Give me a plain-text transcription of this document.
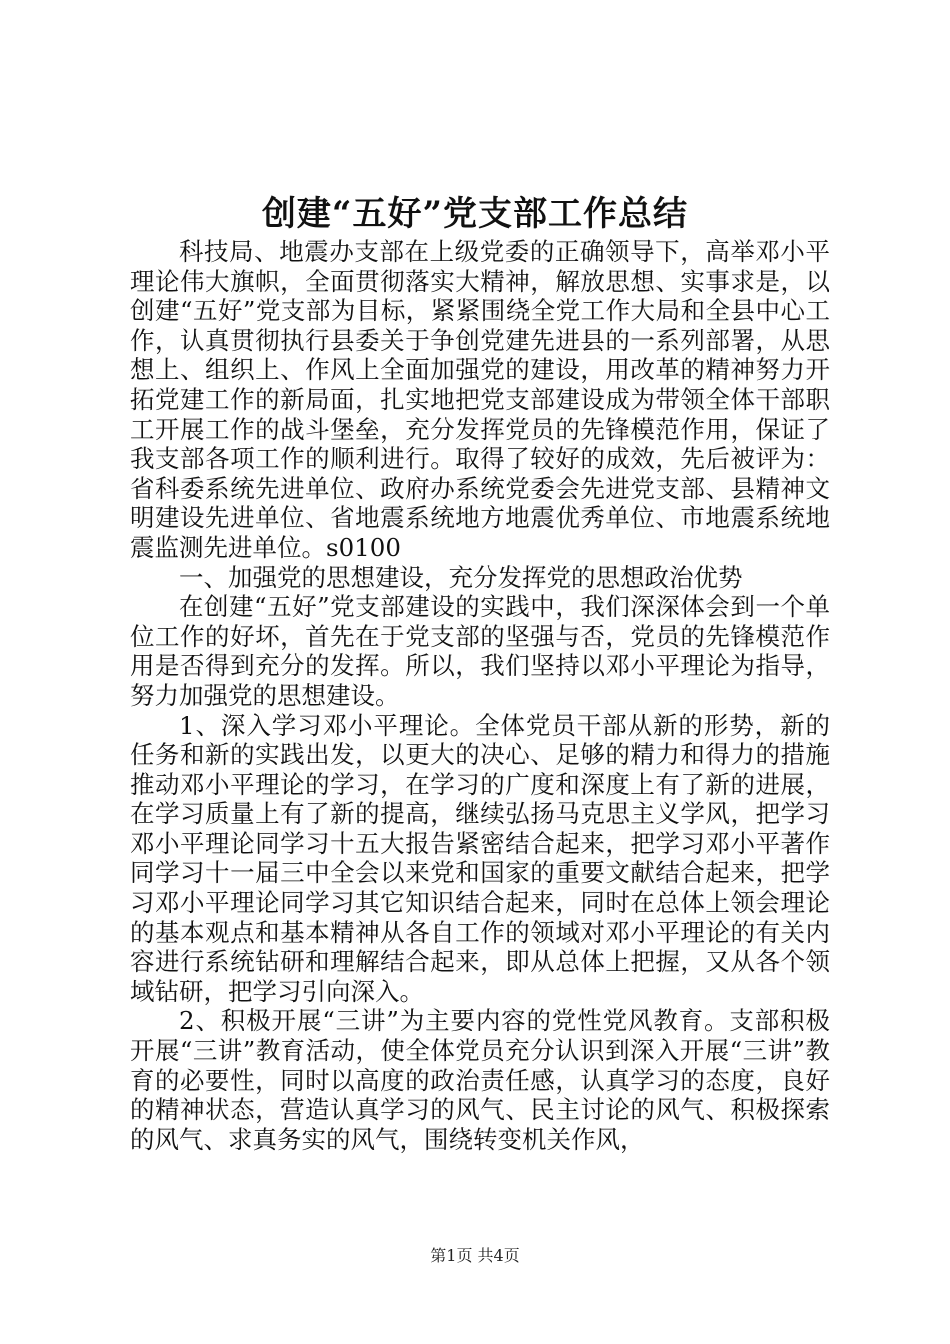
创建“五好”党支部工作总结

科技局、地震办支部在上级党委的正确领导下，高举邓小平理论伟大旗帜，全面贯彻落实大精神，解放思想、实事求是，以创建“五好”党支部为目标，紧紧围绕全党工作大局和全县中心工作，认真贯彻执行县委关于争创党建先进县的一系列部署，从思想上、组织上、作风上全面加强党的建设，用改革的精神努力开拓党建工作的新局面，扎实地把党支部建设成为带领全体干部职工开展工作的战斗堡垒，充分发挥党员的先锋模范作用，保证了我支部各项工作的顺利进行。取得了较好的成效，先后被评为：省科委系统先进单位、政府办系统党委会先进党支部、县精神文明建设先进单位、省地震系统地方地震优秀单位、市地震系统地震监测先进单位。s0100

一、加强党的思想建设，充分发挥党的思想政治优势

在创建“五好”党支部建设的实践中，我们深深体会到一个单位工作的好坏，首先在于党支部的坚强与否，党员的先锋模范作用是否得到充分的发挥。所以，我们坚持以邓小平理论为指导，努力加强党的思想建设。

1、深入学习邓小平理论。全体党员干部从新的形势，新的任务和新的实践出发，以更大的决心、足够的精力和得力的措施推动邓小平理论的学习，在学习的广度和深度上有了新的进展，在学习质量上有了新的提高，继续弘扬马克思主义学风，把学习邓小平理论同学习十五大报告紧密结合起来，把学习邓小平著作同学习十一届三中全会以来党和国家的重要文献结合起来，把学习邓小平理论同学习其它知识结合起来，同时在总体上领会理论的基本观点和基本精神从各自工作的领域对邓小平理论的有关内容进行系统钻研和理解结合起来，即从总体上把握，又从各个领域钻研，把学习引向深入。

2、积极开展“三讲”为主要内容的党性党风教育。支部积极开展“三讲”教育活动，使全体党员充分认识到深入开展“三讲”教育的必要性，同时以高度的政治责任感，认真学习的态度，良好的精神状态，营造认真学习的风气、民主讨论的风气、积极探索的风气、求真务实的风气，围绕转变机关作风，

第1页 共4页
